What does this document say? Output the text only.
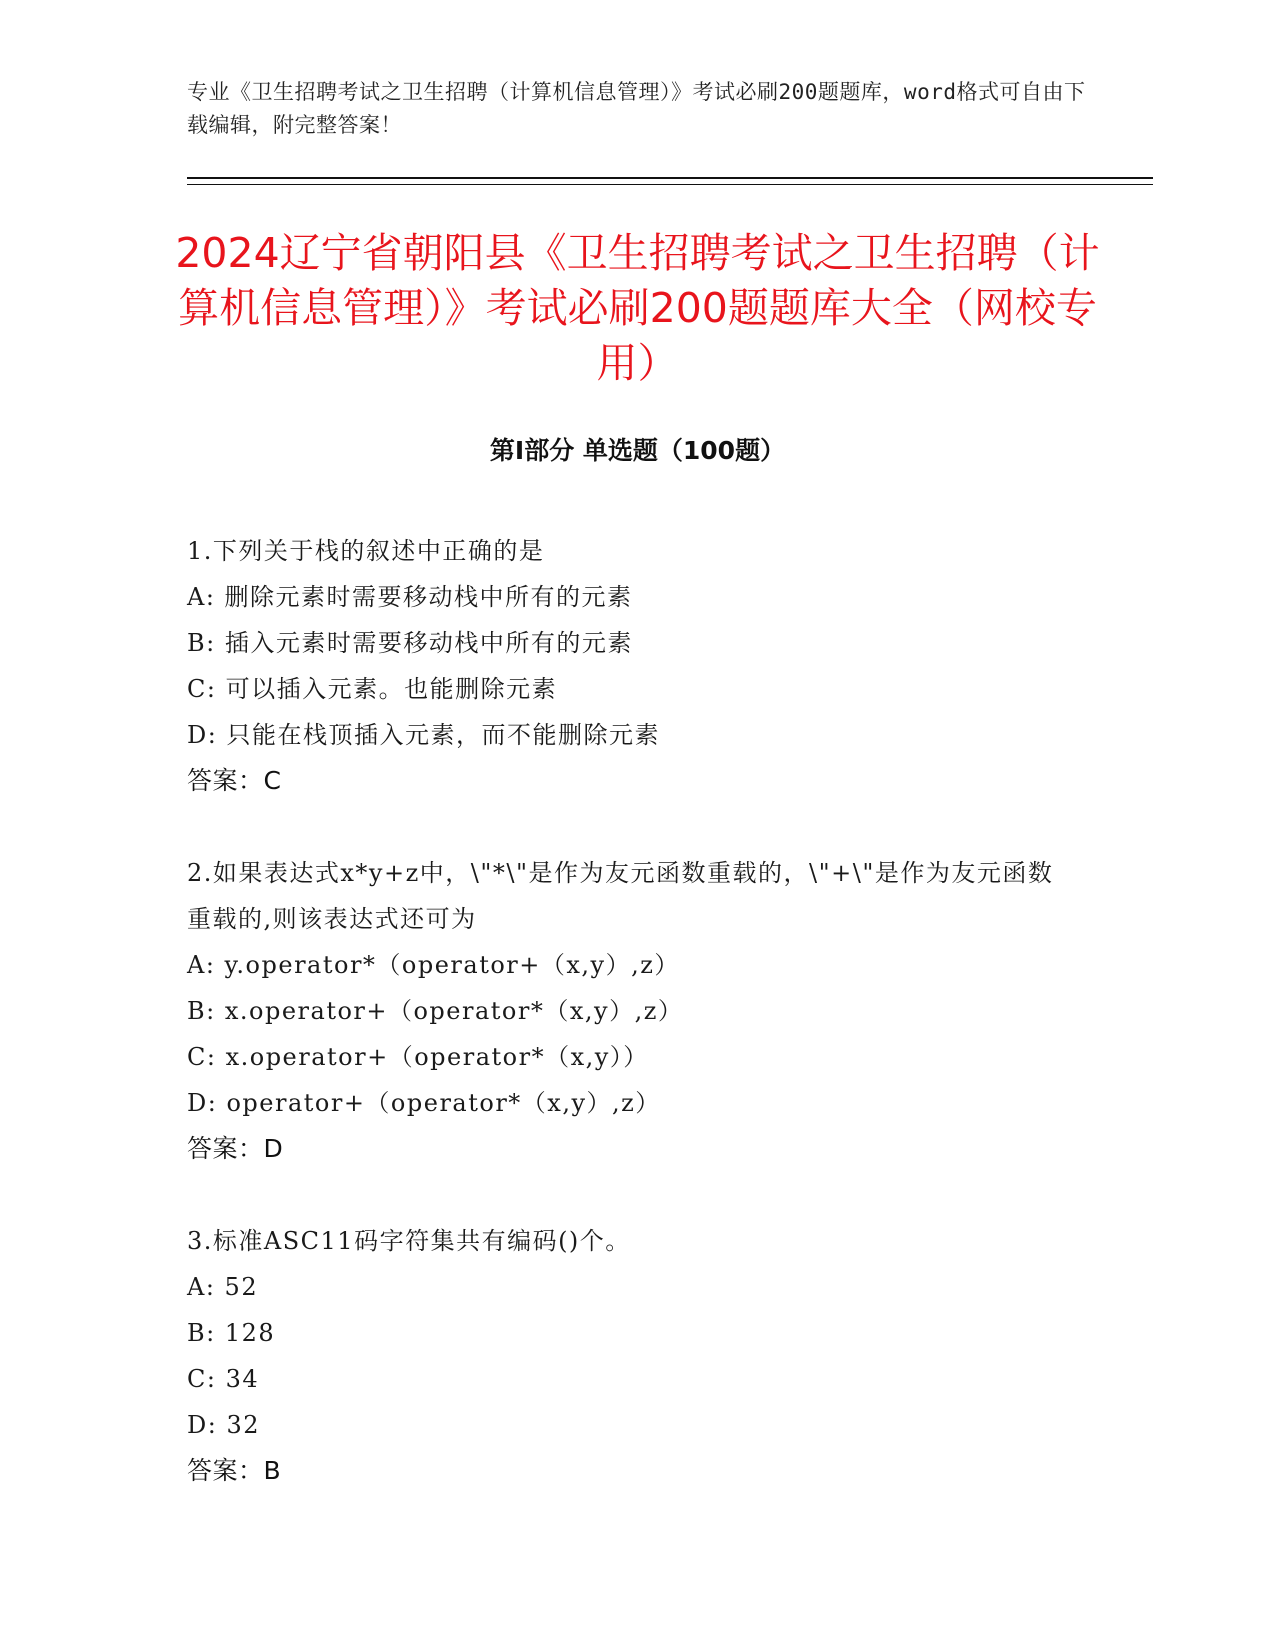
专业《卫生招聘考试之卫生招聘（计算机信息管理）》考试必刷200题题库，word格式可自由下载编辑，附完整答案！
2024辽宁省朝阳县《卫生招聘考试之卫生招聘（计算机信息管理）》考试必刷200题题库大全（网校专用）
第Ⅰ部分 单选题（100题）
1.下列关于栈的叙述中正确的是
A: 删除元素时需要移动栈中所有的元素
B: 插入元素时需要移动栈中所有的元素
C: 可以插入元素。也能删除元素
D: 只能在栈顶插入元素，而不能删除元素
答案：C
2.如果表达式x*y+z中，\"*\"是作为友元函数重载的，\"+\"是作为友元函数重载的,则该表达式还可为
A: y.operator*（operator+（x,y）,z）
B: x.operator+（operator*（x,y）,z）
C: x.operator+（operator*（x,y））
D: operator+（operator*（x,y）,z）
答案：D
3.标准ASC11码字符集共有编码()个。
A: 52
B: 128
C: 34
D: 32
答案：B
